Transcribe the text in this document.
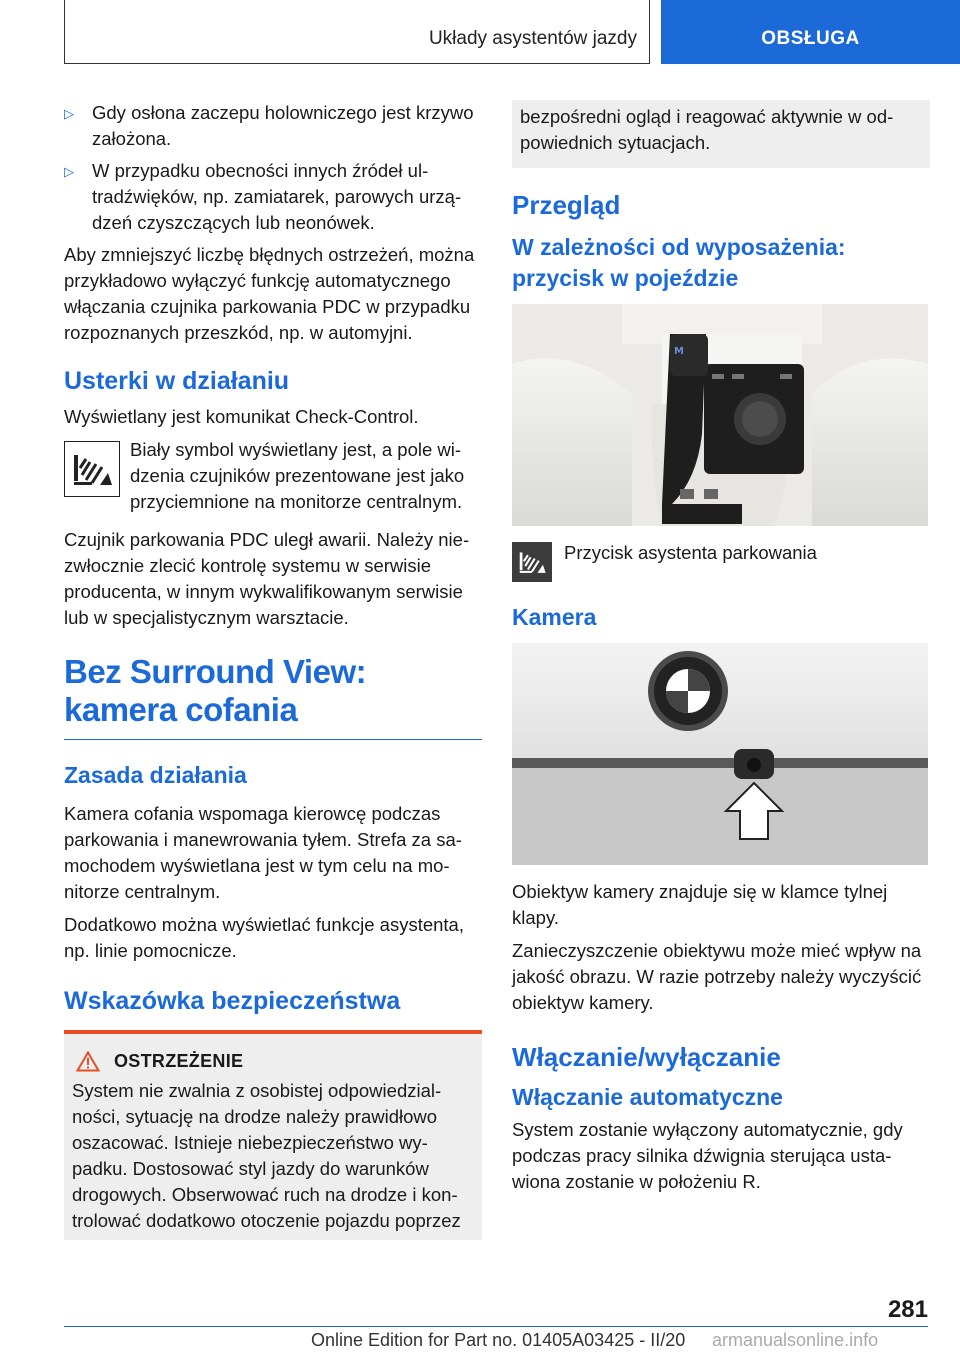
Układy asystentów jazdy	OBSŁUGA
▷ Gdy osłona zaczepu holowniczego jest krzywo założona.
▷ W przypadku obecności innych źródeł ultradźwięków, np. zamiatarek, parowych urządzeń czyszczących lub neonówek.

Aby zmniejszyć liczbę błędnych ostrzeżeń, można przykładowo wyłączyć funkcję automatycznego włączania czujnika parkowania PDC w przypadku rozpoznanych przeszkód, np. w automyjni.

Usterki w działaniu

Wyświetlany jest komunikat Check-Control.

Biały symbol wyświetlany jest, a pole widzenia czujników prezentowane jest jako przyciemnione na monitorze centralnym.

Czujnik parkowania PDC uległ awarii. Należy niezwłocznie zlecić kontrolę systemu w serwisie producenta, w innym wykwalifikowanym serwisie lub w specjalistycznym warsztacie.

Bez Surround View: kamera cofania
Zasada działania

Kamera cofania wspomaga kierowcę podczas parkowania i manewrowania tyłem. Strefa za samochodem wyświetlana jest w tym celu na monitorze centralnym.

Dodatkowo można wyświetlać funkcje asystenta, np. linie pomocnicze.

Wskazówka bezpieczeństwa
OSTRZEŻENIE

System nie zwalnia z osobistej odpowiedzialności, sytuację na drodze należy prawidłowo oszacować. Istnieje niebezpieczeństwo wypadku. Dostosować styl jazdy do warunków drogowych. Obserwować ruch na drodze i kontrolować dodatkowo otoczenie pojazdu poprzez

bezpośredni ogląd i reagować aktywnie w odpowiednich sytuacjach.

Przegląd
W zależności od wyposażenia: przycisk w pojeździe
M
Przycisk asystenta parkowania
Kamera

Obiektyw kamery znajduje się w klamce tylnej klapy.

Zanieczyszczenie obiektywu może mieć wpływ na jakość obrazu. W razie potrzeby należy wyczyścić obiektyw kamery.

Włączanie/wyłączanie
Włączanie automatyczne

System zostanie wyłączony automatycznie, gdy podczas pracy silnika dźwignia sterująca ustawiona zostanie w położeniu R.

281
Online Edition for Part no. 01405A03425 - II/20 armanualsonline.info
